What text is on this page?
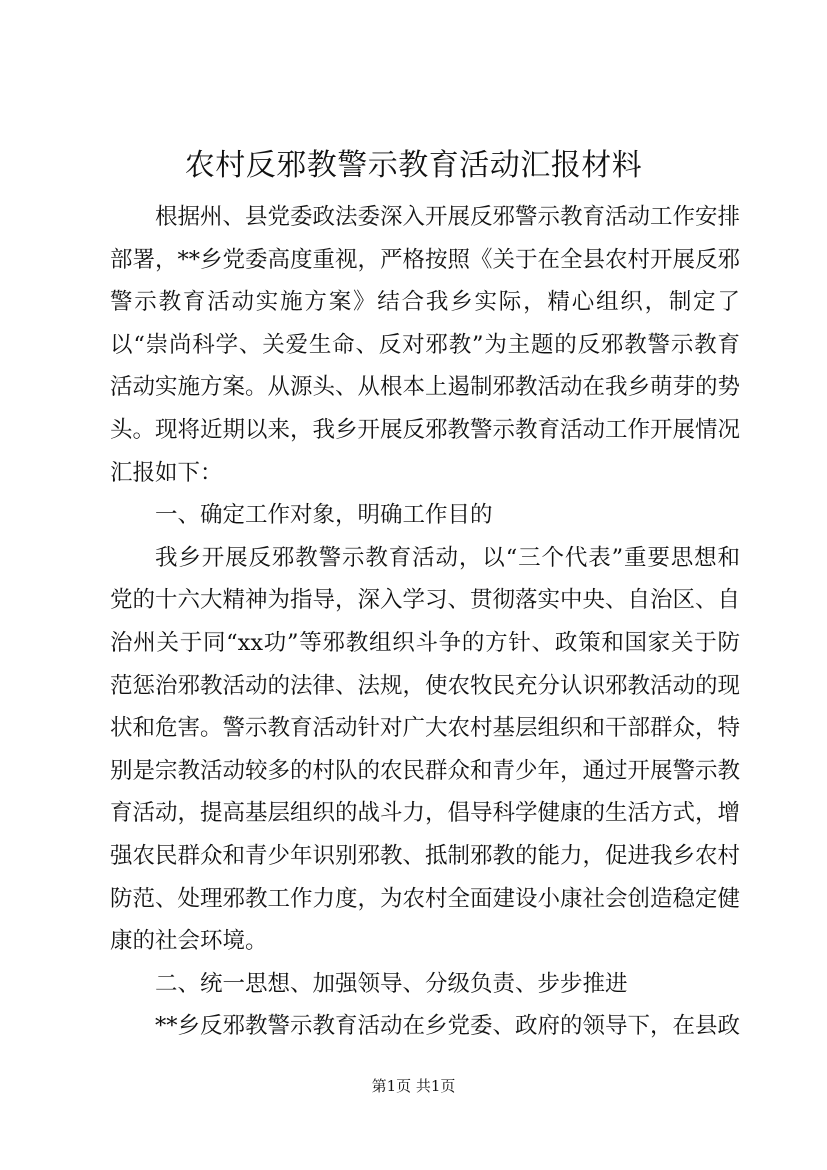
农村反邪教警示教育活动汇报材料

根据州、县党委政法委深入开展反邪警示教育活动工作安排部署，**乡党委高度重视，严格按照《关于在全县农村开展反邪警示教育活动实施方案》结合我乡实际，精心组织，制定了以“崇尚科学、关爱生命、反对邪教”为主题的反邪教警示教育活动实施方案。从源头、从根本上遏制邪教活动在我乡萌芽的势头。现将近期以来，我乡开展反邪教警示教育活动工作开展情况汇报如下：

一、确定工作对象，明确工作目的

我乡开展反邪教警示教育活动，以“三个代表”重要思想和党的十六大精神为指导，深入学习、贯彻落实中央、自治区、自治州关于同“xx功”等邪教组织斗争的方针、政策和国家关于防范惩治邪教活动的法律、法规，使农牧民充分认识邪教活动的现状和危害。警示教育活动针对广大农村基层组织和干部群众，特别是宗教活动较多的村队的农民群众和青少年，通过开展警示教育活动，提高基层组织的战斗力，倡导科学健康的生活方式，增强农民群众和青少年识别邪教、抵制邪教的能力，促进我乡农村防范、处理邪教工作力度，为农村全面建设小康社会创造稳定健康的社会环境。

二、统一思想、加强领导、分级负责、步步推进

**乡反邪教警示教育活动在乡党委、政府的领导下，在县政

第1页 共1页
